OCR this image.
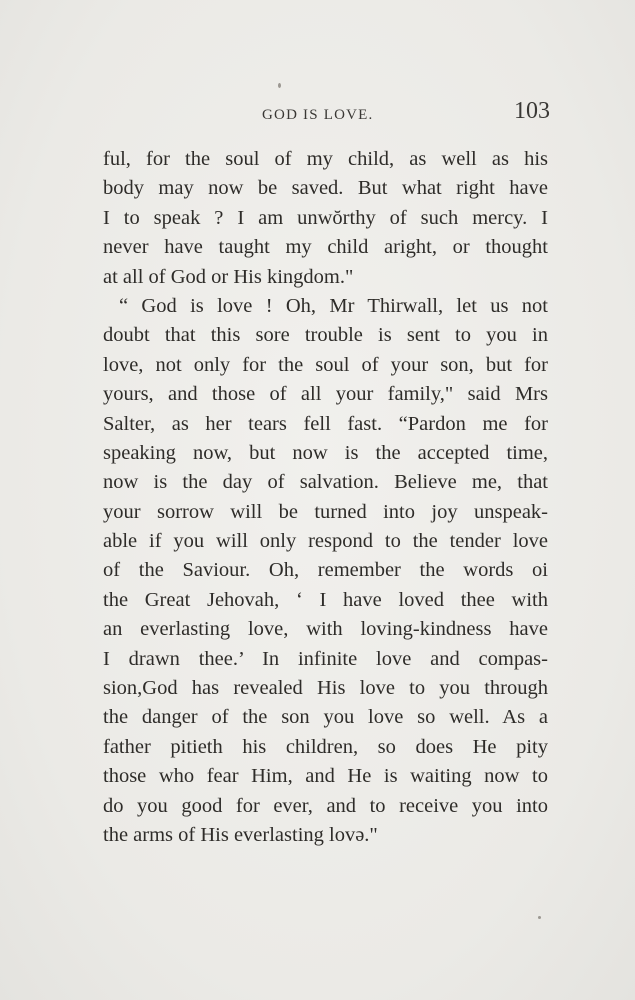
GOD IS LOVE.	103
ful, for the soul of my child, as well as his
body may now be saved. But what right have
I to speak ? I am unwŏrthy of such mercy. I
never have taught my child aright, or thought
at all of God or His kingdom."
“ God is love ! Oh, Mr Thirwall, let us not
doubt that this sore trouble is sent to you in
love, not only for the soul of your son, but for
yours, and those of all your family," said Mrs
Salter, as her tears fell fast. “Pardon me for
speaking now, but now is the accepted time,
now is the day of salvation. Believe me, that
your sorrow will be turned into joy unspeak-
able if you will only respond to the tender love
of the Saviour. Oh, remember the words oi
the Great Jehovah, ‘ I have loved thee with
an everlasting love, with loving-kindness have
I drawn thee.’ In infinite love and compas-
sion,God has revealed His love to you through
the danger of the son you love so well. As a
father pitieth his children, so does He pity
those who fear Him, and He is waiting now to
do you good for ever, and to receive you into
the arms of His everlasting lovə."
